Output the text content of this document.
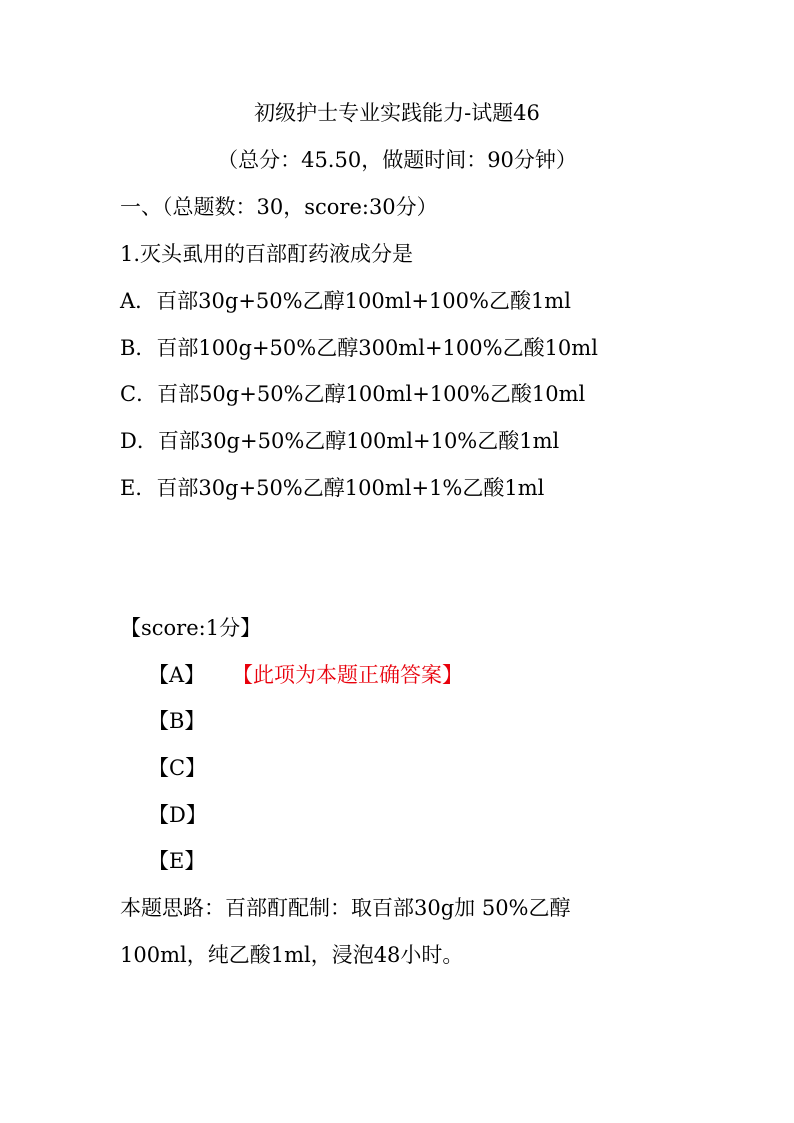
初级护士专业实践能力-试题46
（总分：45.50，做题时间：90分钟）
一、（总题数：30，score:30分）
1.灭头虱用的百部酊药液成分是
A．百部30g+50%乙醇100ml+100%乙酸1ml
B．百部100g+50%乙醇300ml+100%乙酸10ml
C．百部50g+50%乙醇100ml+100%乙酸10ml
D．百部30g+50%乙醇100ml+10%乙酸1ml
E．百部30g+50%乙醇100ml+1%乙酸1ml
【score:1分】
【A】 【此项为本题正确答案】
【B】
【C】
【D】
【E】
本题思路：百部酊配制：取百部30g加 50%乙醇
100ml，纯乙酸1ml，浸泡48小时。
